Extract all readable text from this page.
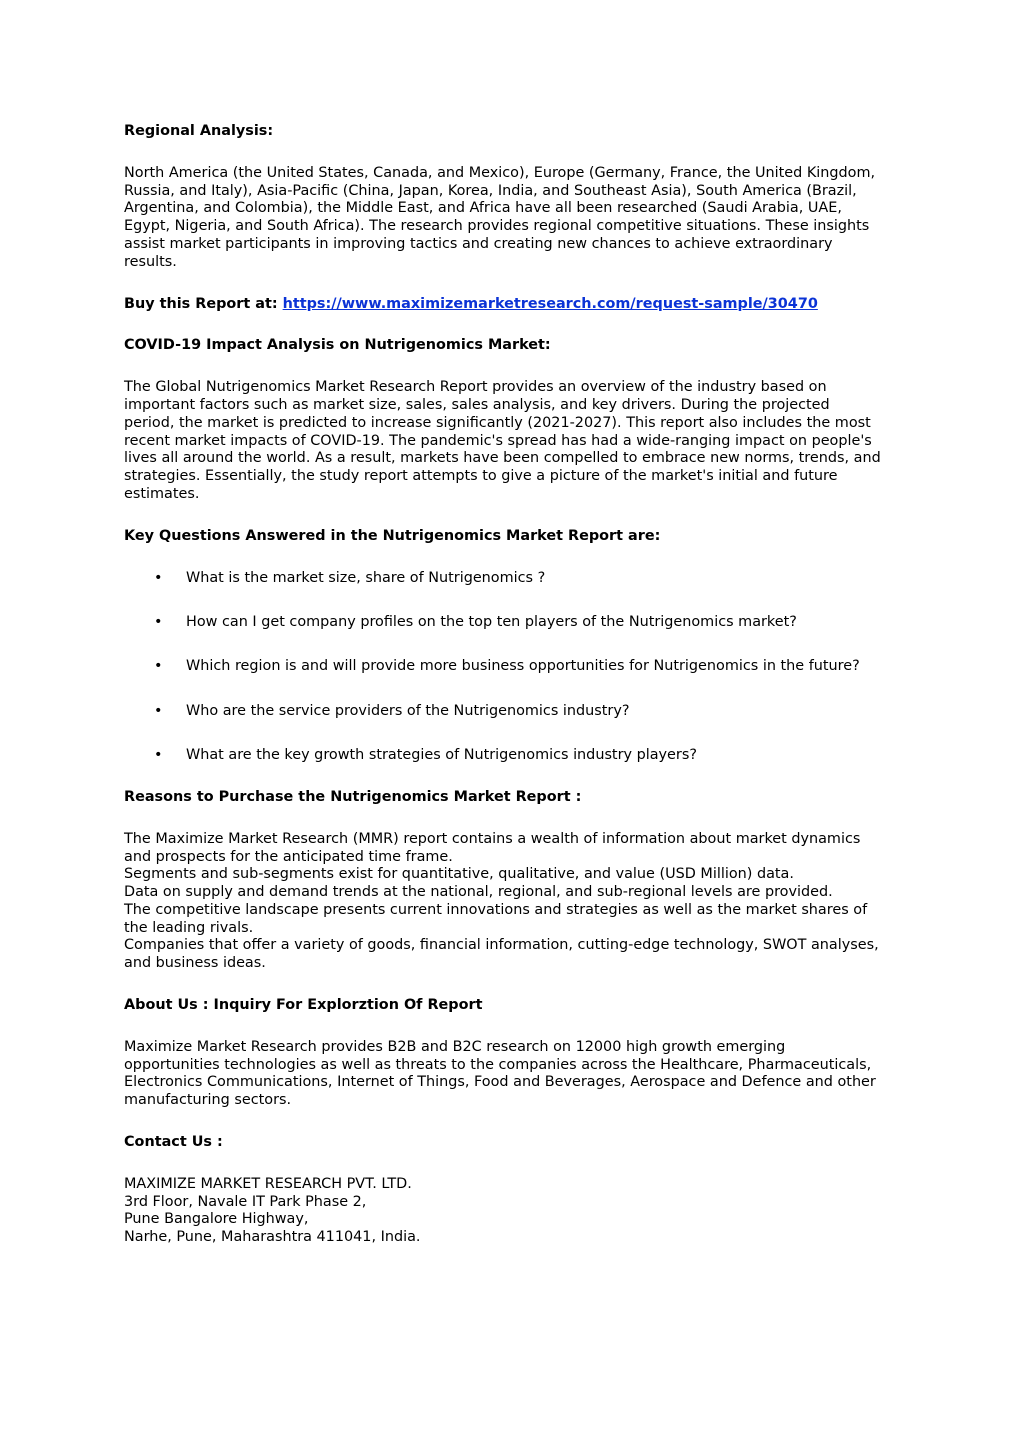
Regional Analysis:
North America (the United States, Canada, and Mexico), Europe (Germany, France, the United Kingdom,
Russia, and Italy), Asia-Pacific (China, Japan, Korea, India, and Southeast Asia), South America (Brazil,
Argentina, and Colombia), the Middle East, and Africa have all been researched (Saudi Arabia, UAE,
Egypt, Nigeria, and South Africa). The research provides regional competitive situations. These insights
assist market participants in improving tactics and creating new chances to achieve extraordinary
results.
Buy this Report at: https://www.maximizemarketresearch.com/request-sample/30470
COVID-19 Impact Analysis on Nutrigenomics Market:
The Global Nutrigenomics Market Research Report provides an overview of the industry based on
important factors such as market size, sales, sales analysis, and key drivers. During the projected
period, the market is predicted to increase significantly (2021-2027). This report also includes the most
recent market impacts of COVID-19. The pandemic's spread has had a wide-ranging impact on people's
lives all around the world. As a result, markets have been compelled to embrace new norms, trends, and
strategies. Essentially, the study report attempts to give a picture of the market's initial and future
estimates.
Key Questions Answered in the Nutrigenomics Market Report are:
• What is the market size, share of Nutrigenomics ?
• How can I get company profiles on the top ten players of the Nutrigenomics market?
• Which region is and will provide more business opportunities for Nutrigenomics in the future?
• Who are the service providers of the Nutrigenomics industry?
• What are the key growth strategies of Nutrigenomics industry players?
Reasons to Purchase the Nutrigenomics Market Report :
The Maximize Market Research (MMR) report contains a wealth of information about market dynamics
and prospects for the anticipated time frame.
Segments and sub-segments exist for quantitative, qualitative, and value (USD Million) data.
Data on supply and demand trends at the national, regional, and sub-regional levels are provided.
The competitive landscape presents current innovations and strategies as well as the market shares of
the leading rivals.
Companies that offer a variety of goods, financial information, cutting-edge technology, SWOT analyses,
and business ideas.
About Us : Inquiry For Explorztion Of Report
Maximize Market Research provides B2B and B2C research on 12000 high growth emerging
opportunities technologies as well as threats to the companies across the Healthcare, Pharmaceuticals,
Electronics Communications, Internet of Things, Food and Beverages, Aerospace and Defence and other
manufacturing sectors.
Contact Us :
MAXIMIZE MARKET RESEARCH PVT. LTD.
3rd Floor, Navale IT Park Phase 2,
Pune Bangalore Highway,
Narhe, Pune, Maharashtra 411041, India.
